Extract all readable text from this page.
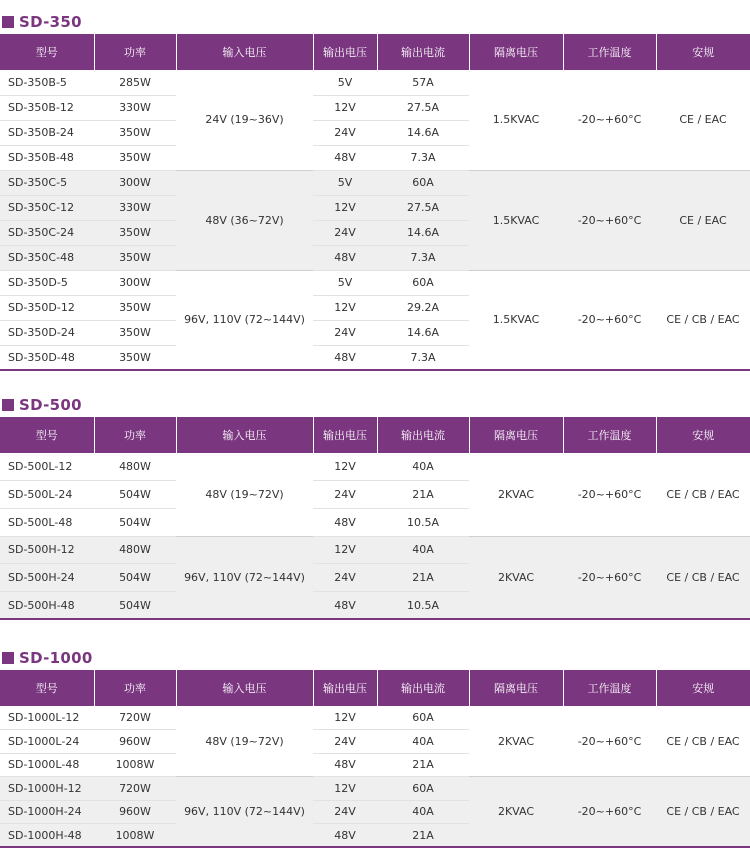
SD-350
型号	功率	输入电压	输出电压	输出电流	隔离电压	工作温度	安规
SD-350B-5	285W	24V (19~36V)	5V	57A	1.5KVAC	-20~+60°C	CE / EAC
SD-350B-12	330W		12V	27.5A			
SD-350B-24	350W		24V	14.6A			
SD-350B-48	350W		48V	7.3A			
SD-350C-5	300W	48V (36~72V)	5V	60A	1.5KVAC	-20~+60°C	CE / EAC
SD-350C-12	330W		12V	27.5A			
SD-350C-24	350W		24V	14.6A			
SD-350C-48	350W		48V	7.3A			
SD-350D-5	300W	96V, 110V (72~144V)	5V	60A	1.5KVAC	-20~+60°C	CE / CB / EAC
SD-350D-12	350W		12V	29.2A			
SD-350D-24	350W		24V	14.6A			
SD-350D-48	350W		48V	7.3A			
SD-500
型号	功率	输入电压	输出电压	输出电流	隔离电压	工作温度	安规
SD-500L-12	480W	48V (19~72V)	12V	40A	2KVAC	-20~+60°C	CE / CB / EAC
SD-500L-24	504W		24V	21A			
SD-500L-48	504W		48V	10.5A			
SD-500H-12	480W	96V, 110V (72~144V)	12V	40A	2KVAC	-20~+60°C	CE / CB / EAC
SD-500H-24	504W		24V	21A			
SD-500H-48	504W		48V	10.5A			
SD-1000
型号	功率	输入电压	输出电压	输出电流	隔离电压	工作温度	安规
SD-1000L-12	720W	48V (19~72V)	12V	60A	2KVAC	-20~+60°C	CE / CB / EAC
SD-1000L-24	960W		24V	40A			
SD-1000L-48	1008W		48V	21A			
SD-1000H-12	720W	96V, 110V (72~144V)	12V	60A	2KVAC	-20~+60°C	CE / CB / EAC
SD-1000H-24	960W		24V	40A			
SD-1000H-48	1008W		48V	21A			
